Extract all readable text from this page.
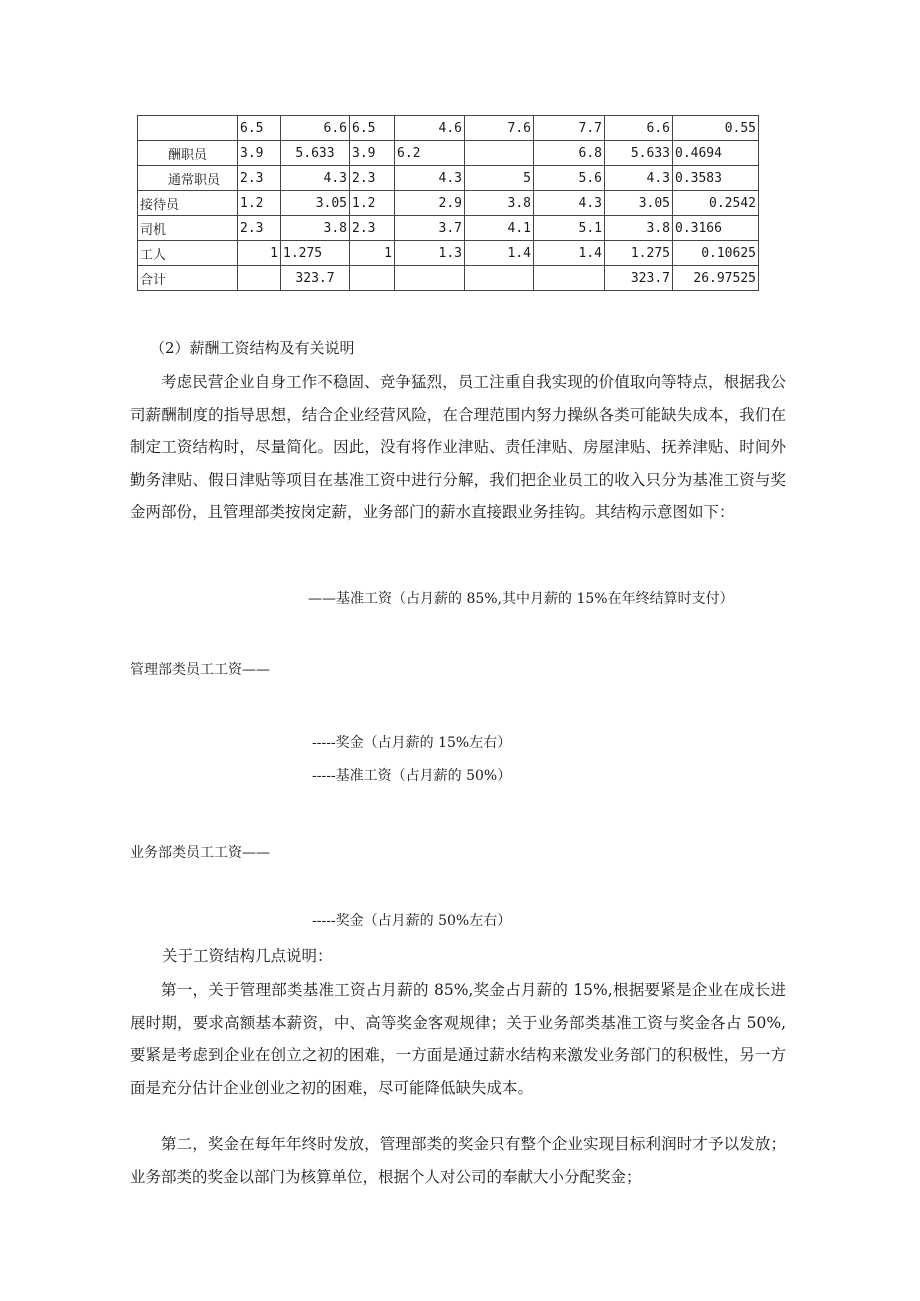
	6.5	6.6	6.5	4.6	7.6	7.7	6.6	0.55
酬职员	3.9	5.633	3.9	6.2		6.8	5.633	0.4694
通常职员	2.3	4.3	2.3	4.3	5	5.6	4.3	0.3583
接待员	1.2	3.05	1.2	2.9	3.8	4.3	3.05	0.2542
司机	2.3	3.8	2.3	3.7	4.1	5.1	3.8	0.3166
工人	1	1.275	1	1.3	1.4	1.4	1.275	0.10625
合计		323.7					323.7	26.97525
（2）薪酬工资结构及有关说明

考虑民营企业自身工作不稳固、竞争猛烈，员工注重自我实现的价值取向等特点，根据我公司薪酬制度的指导思想，结合企业经营风险，在合理范围内努力操纵各类可能缺失成本，我们在制定工资结构时，尽量简化。因此，没有将作业津贴、责任津贴、房屋津贴、抚养津贴、时间外勤务津贴、假日津贴等项目在基准工资中进行分解，我们把企业员工的收入只分为基准工资与奖金两部份，且管理部类按岗定薪，业务部门的薪水直接跟业务挂钩。其结构示意图如下：

——基准工资（占月薪的 85%,其中月薪的 15%在年终结算时支付）
管理部类员工工资——
-----奖金（占月薪的 15%左右）
-----基准工资（占月薪的 50%）
业务部类员工工资——
-----奖金（占月薪的 50%左右）
关于工资结构几点说明：

第一，关于管理部类基准工资占月薪的 85%,奖金占月薪的 15%,根据要紧是企业在成长进展时期，要求高额基本薪资，中、高等奖金客观规律；关于业务部类基准工资与奖金各占 50%,要紧是考虑到企业在创立之初的困难，一方面是通过薪水结构来激发业务部门的积极性，另一方面是充分估计企业创业之初的困难，尽可能降低缺失成本。

第二，奖金在每年年终时发放，管理部类的奖金只有整个企业实现目标利润时才予以发放；业务部类的奖金以部门为核算单位，根据个人对公司的奉献大小分配奖金；
